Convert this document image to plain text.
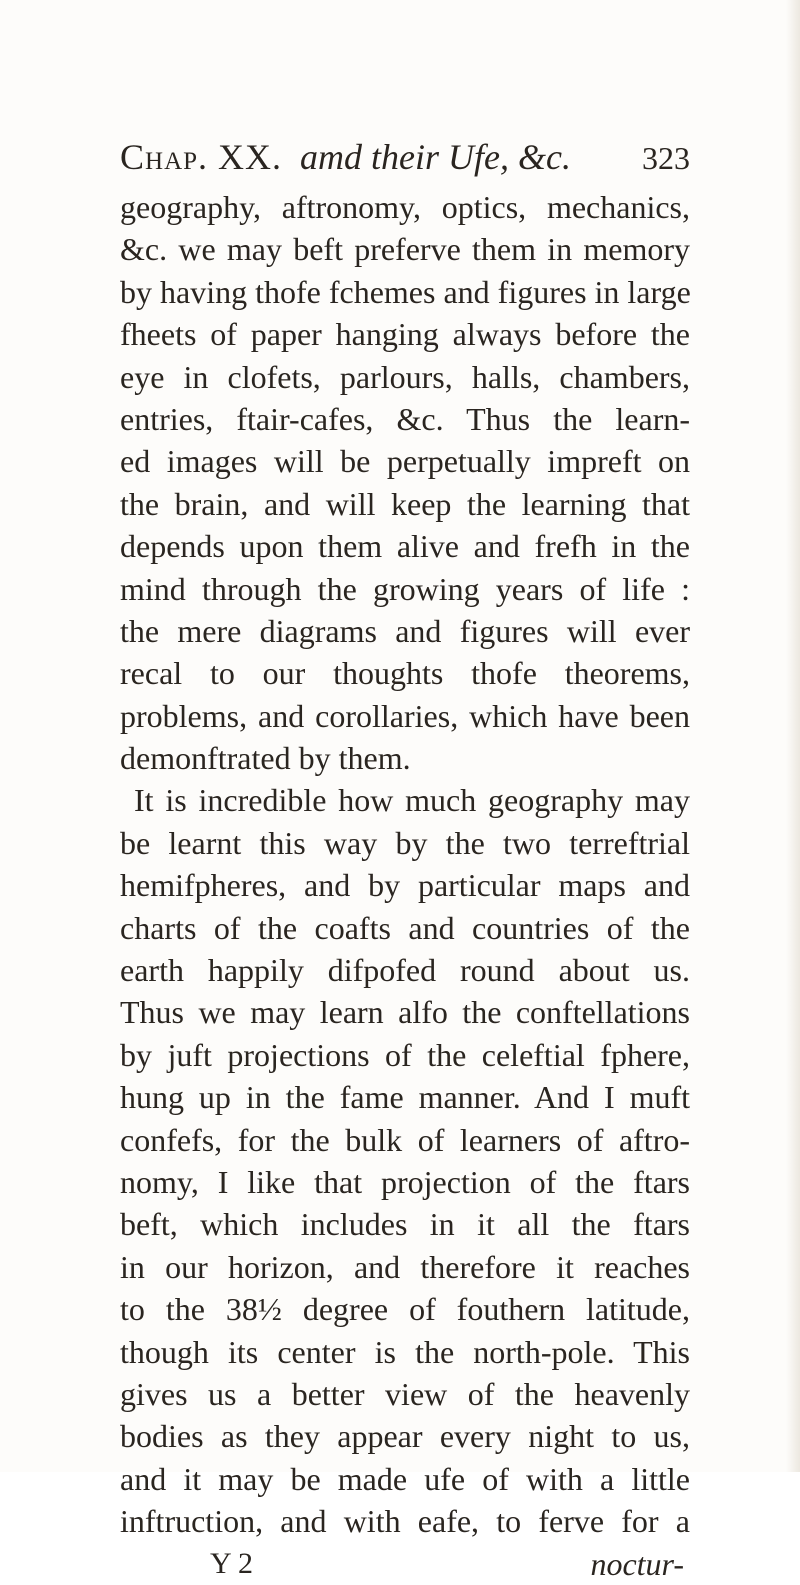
Chap. XX. amd their Ufe, &c. 323
geography, aftronomy, optics, mechanics,
&c. we may beft preferve them in memory
by having thofe fchemes and figures in large
fheets of paper hanging always before the
eye in clofets, parlours, halls, chambers,
entries, ftair-cafes, &c. Thus the learn-
ed images will be perpetually impreft on
the brain, and will keep the learning that
depends upon them alive and frefh in the
mind through the growing years of life :
the mere diagrams and figures will ever
recal to our thoughts thofe theorems,
problems, and corollaries, which have been
demonftrated by them.
It is incredible how much geography may
be learnt this way by the two terreftrial
hemifpheres, and by particular maps and
charts of the coafts and countries of the
earth happily difpofed round about us.
Thus we may learn alfo the conftellations
by juft projections of the celeftial fphere,
hung up in the fame manner. And I muft
confefs, for the bulk of learners of aftro-
nomy, I like that projection of the ftars
beft, which includes in it all the ftars
in our horizon, and therefore it reaches
to the 38½ degree of fouthern latitude,
though its center is the north-pole. This
gives us a better view of the heavenly
bodies as they appear every night to us,
and it may be made ufe of with a little
inftruction, and with eafe, to ferve for a
Y 2	noctur-
